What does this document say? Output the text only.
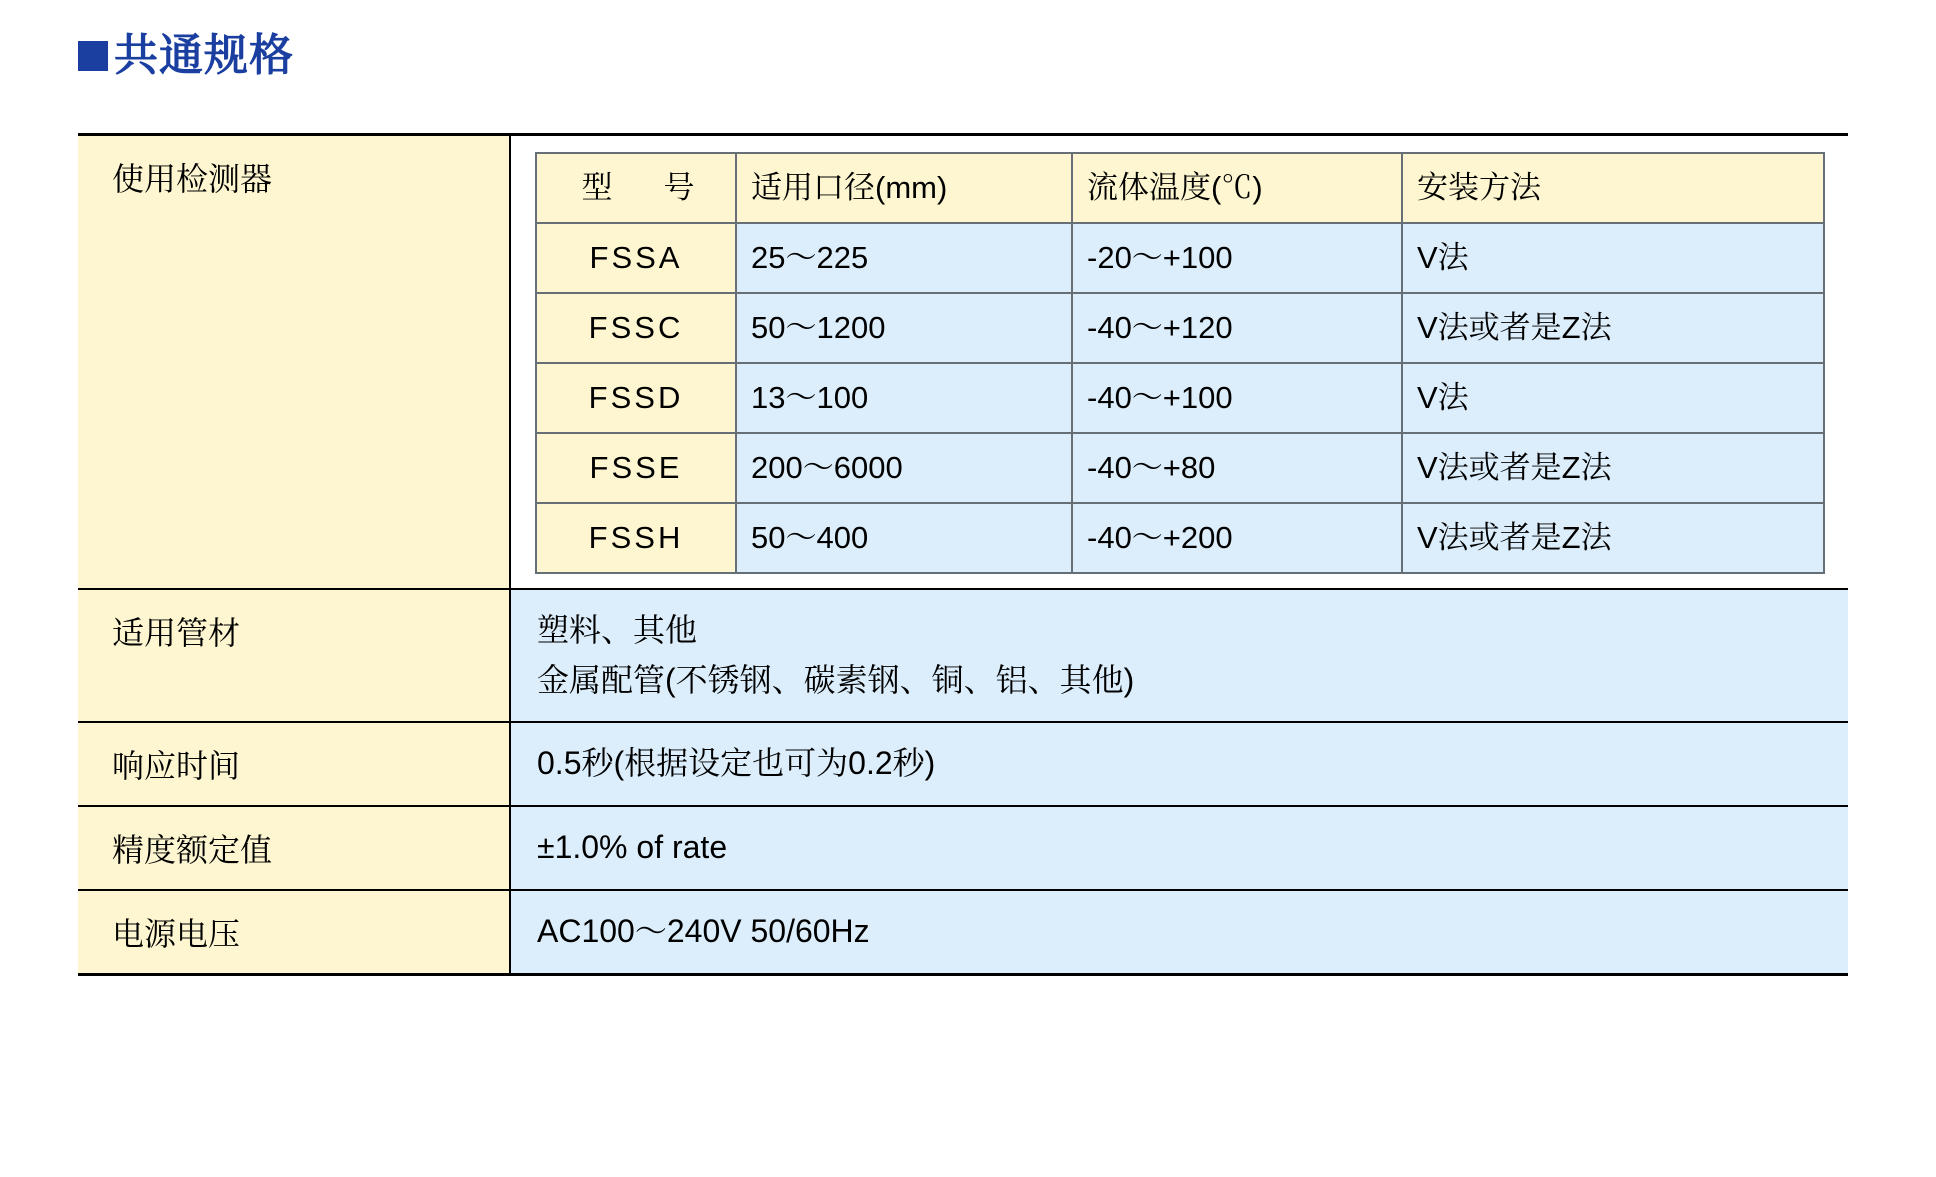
共通规格
使用检测器		型　号	适用口径(mm)	流体温度(℃)	安装方法
FSSA	25～225	-20～+100	V法
FSSC	50～1200	-40～+120	V法或者是Z法
FSSD	13～100	-40～+100	V法
FSSE	200～6000	-40～+80	V法或者是Z法
FSSH	50～400	-40～+200	V法或者是Z法

适用管材	塑料、其他
金属配管(不锈钢、碳素钢、铜、铝、其他)

响应时间	0.5秒(根据设定也可为0.2秒)
精度额定值	±1.0% of rate
电源电压	AC100～240V 50/60Hz
